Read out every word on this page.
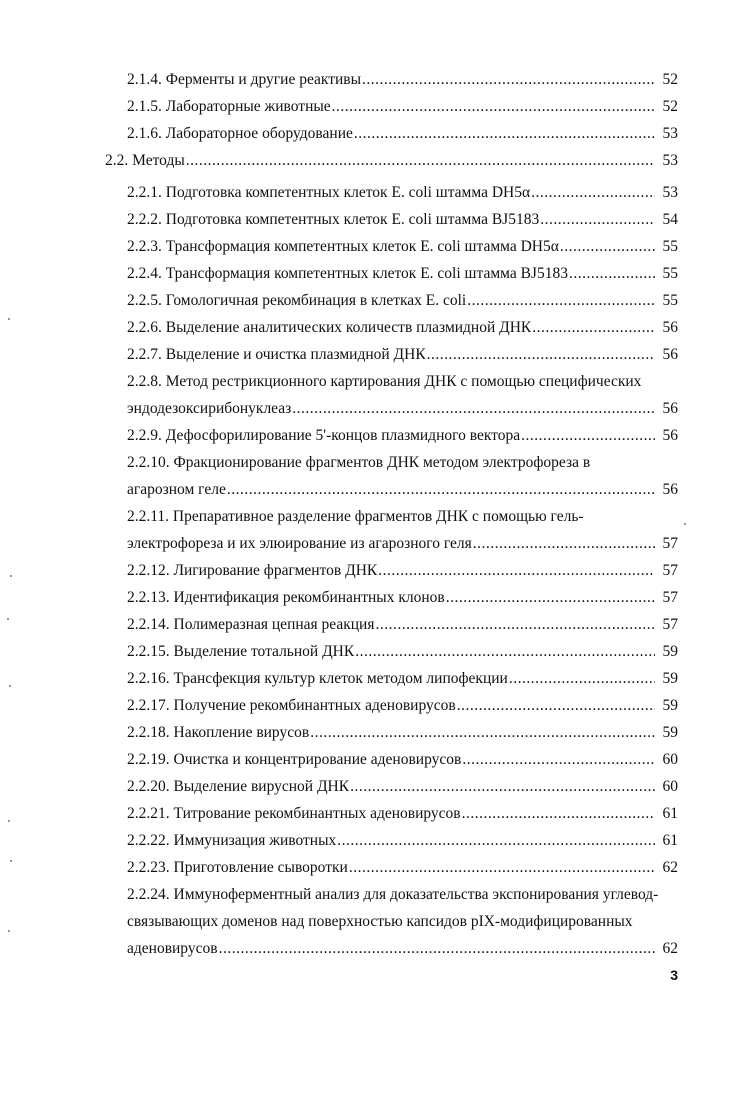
2.1.4. Ферменты и другие реактивы .....	52
2.1.5. Лабораторные животные .....	52
2.1.6. Лабораторное оборудование .....	53
2.2. Методы .....	53
2.2.1. Подготовка компетентных клеток E. coli штамма DH5α .....	53
2.2.2. Подготовка компетентных клеток E. coli штамма BJ5183 .....	54
2.2.3. Трансформация компетентных клеток E. coli штамма DH5α .....	55
2.2.4. Трансформация компетентных клеток E. coli штамма BJ5183 .....	55
2.2.5. Гомологичная рекомбинация в клетках E. coli .....	55
2.2.6. Выделение аналитических количеств плазмидной ДНК .....	56
2.2.7. Выделение и очистка плазмидной ДНК .....	56
2.2.8. Метод рестрикционного картирования ДНК с помощью специфических
эндодезоксирибонуклеаз .....	56
2.2.9. Дефосфорилирование 5'-концов плазмидного вектора .....	56
2.2.10. Фракционирование фрагментов ДНК методом электрофореза в
агарозном геле .....	56
2.2.11. Препаративное разделение фрагментов ДНК с помощью гель-
электрофореза и их элюирование из агарозного геля .....	57
2.2.12. Лигирование фрагментов ДНК .....	57
2.2.13. Идентификация рекомбинантных клонов .....	57
2.2.14. Полимеразная цепная реакция .....	57
2.2.15. Выделение тотальной ДНК .....	59
2.2.16. Трансфекция культур клеток методом липофекции .....	59
2.2.17. Получение рекомбинантных аденовирусов .....	59
2.2.18. Накопление вирусов .....	59
2.2.19. Очистка и концентрирование аденовирусов .....	60
2.2.20. Выделение вирусной ДНК .....	60
2.2.21. Титрование рекомбинантных аденовирусов .....	61
2.2.22. Иммунизация животных .....	61
2.2.23. Приготовление сыворотки .....	62
2.2.24. Иммуноферментный анализ для доказательства экспонирования углевод-
связывающих доменов над поверхностью капсидов pIX-модифицированных
аденовирусов .....	62
3
